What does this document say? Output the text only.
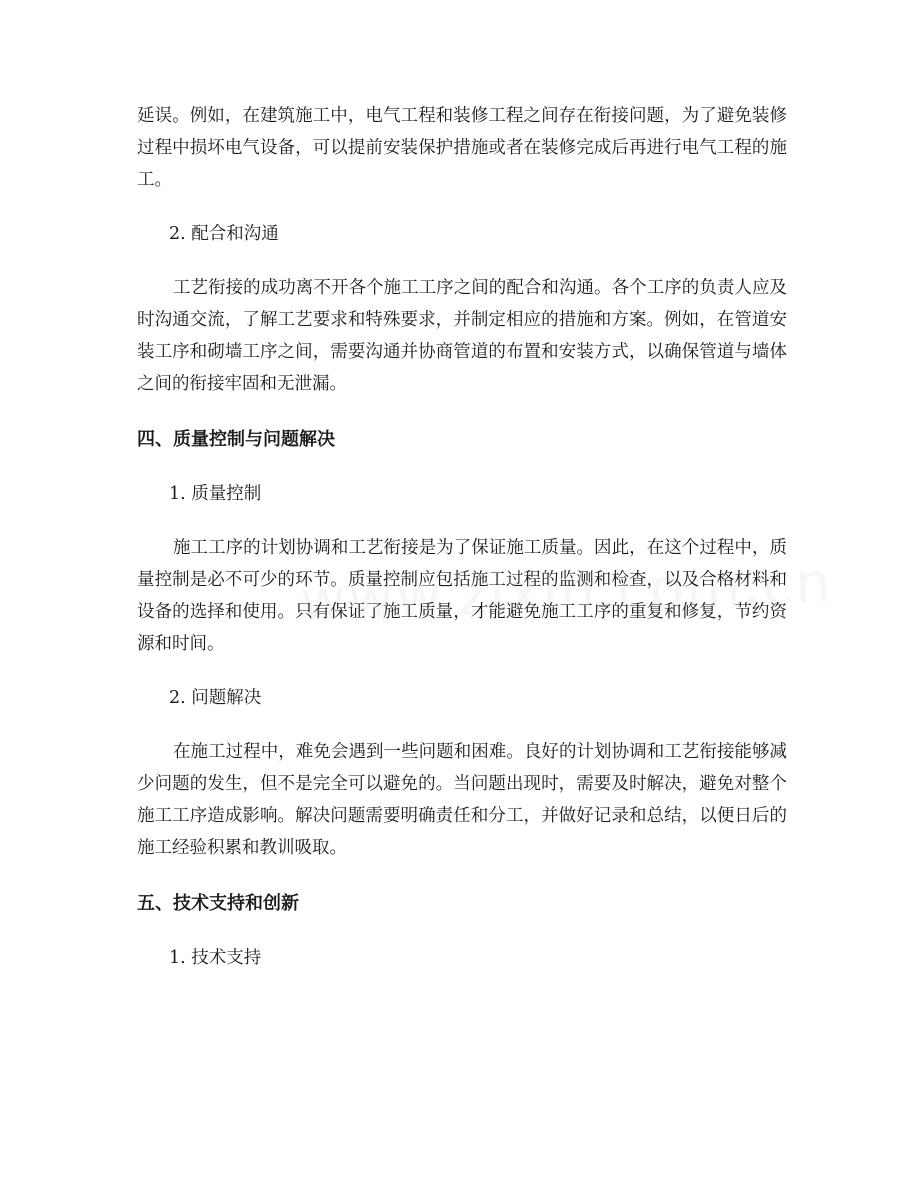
延误。例如，在建筑施工中，电气工程和装修工程之间存在衔接问题，为了避免装修过程中损坏电气设备，可以提前安装保护措施或者在装修完成后再进行电气工程的施工。

2. 配合和沟通

工艺衔接的成功离不开各个施工工序之间的配合和沟通。各个工序的负责人应及时沟通交流，了解工艺要求和特殊要求，并制定相应的措施和方案。例如，在管道安装工序和砌墙工序之间，需要沟通并协商管道的布置和安装方式，以确保管道与墙体之间的衔接牢固和无泄漏。

四、质量控制与问题解决

1. 质量控制

施工工序的计划协调和工艺衔接是为了保证施工质量。因此，在这个过程中，质量控制是必不可少的环节。质量控制应包括施工过程的监测和检查，以及合格材料和设备的选择和使用。只有保证了施工质量，才能避免施工工序的重复和修复，节约资源和时间。

2. 问题解决

在施工过程中，难免会遇到一些问题和困难。良好的计划协调和工艺衔接能够减少问题的发生，但不是完全可以避免的。当问题出现时，需要及时解决，避免对整个施工工序造成影响。解决问题需要明确责任和分工，并做好记录和总结，以便日后的施工经验积累和教训吸取。

五、技术支持和创新

1. 技术支持
